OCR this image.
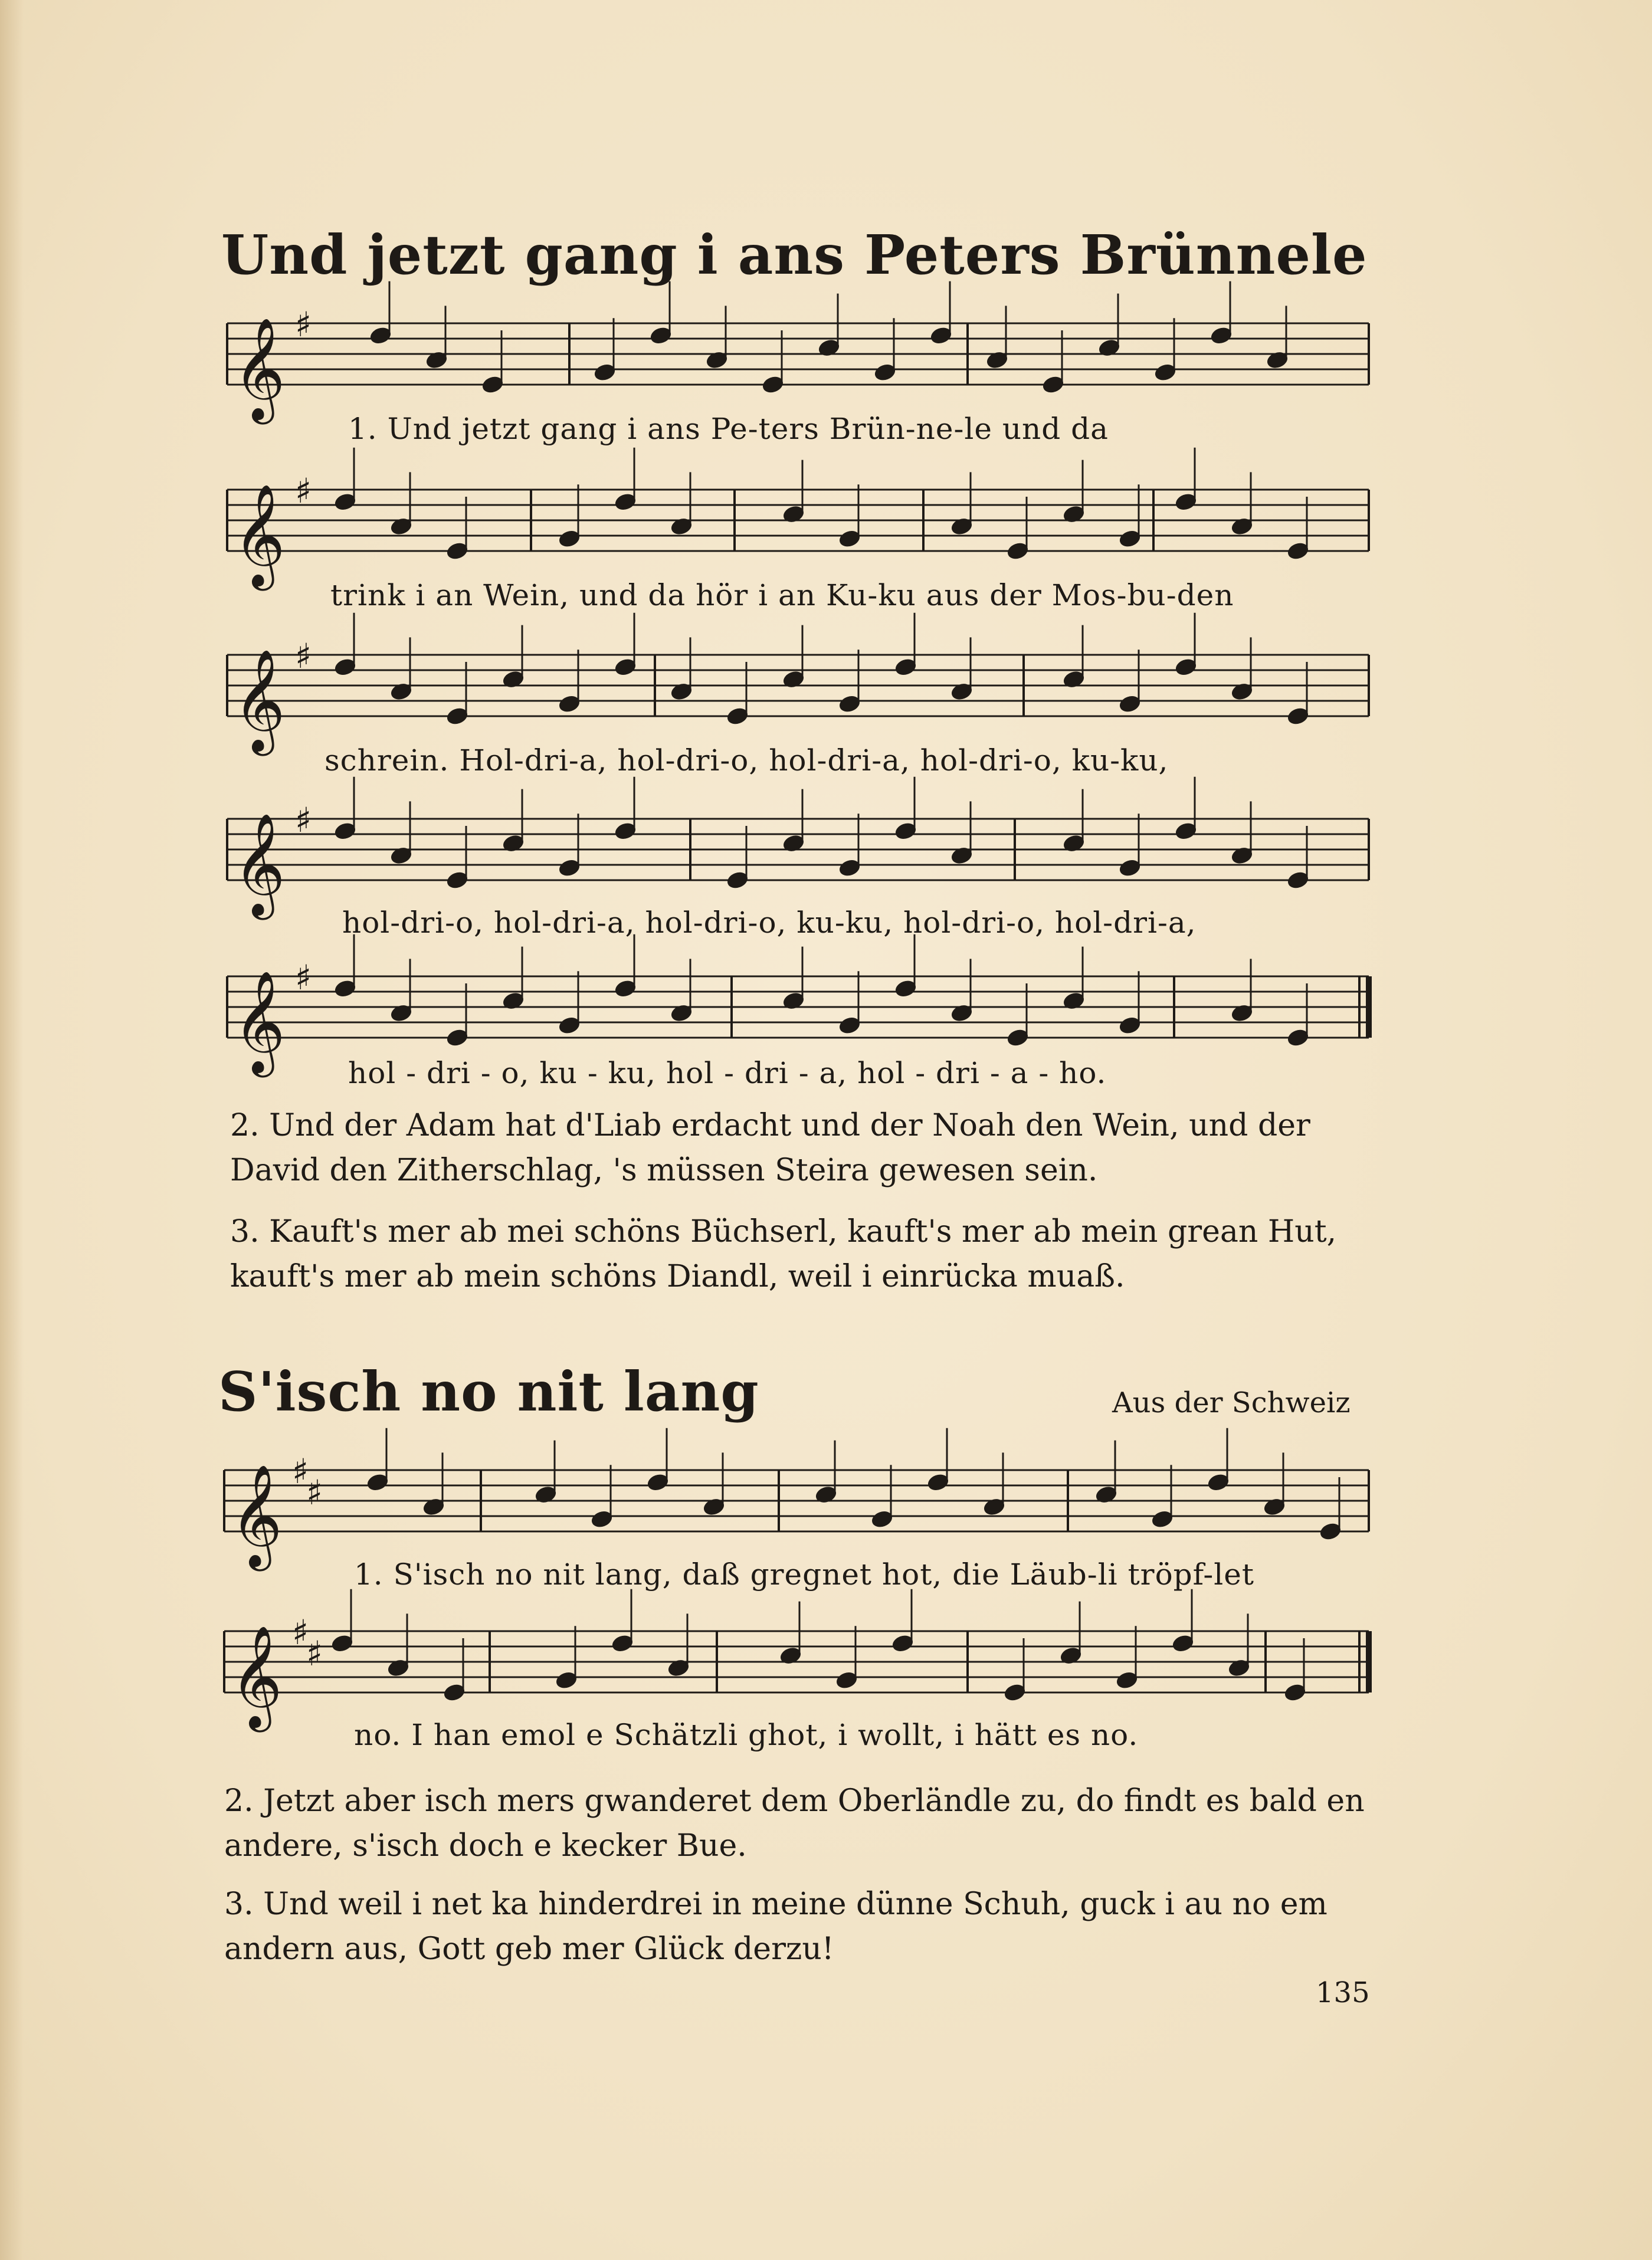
Und jetzt gang i ans Peters Brünnele
1. Und jetzt gang i ans Pe-ters Brün-ne-le und da
trink i an Wein, und da hör i an Ku-ku aus der Mos-bu-den
schrein. Hol-dri-a, hol-dri-o, hol-dri-a, hol-dri-o, ku-ku,
hol-dri-o, hol-dri-a, hol-dri-o, ku-ku, hol-dri-o, hol-dri-a,
hol - dri - o, ku - ku, hol - dri - a, hol - dri - a - ho.
2. Und der Adam hat d'Liab erdacht und der Noah den Wein, und der David den Zitherschlag, 's müssen Steira gewesen sein.
3. Kauft's mer ab mei schöns Büchserl, kauft's mer ab mein grean Hut, kauft's mer ab mein schöns Diandl, weil i einrücka muaß.
S'isch no nit lang	Aus der Schweiz
1. S'isch no nit lang, daß gregnet hot, die Läub-li tröpf-let
no. I han emol e Schätzli ghot, i wollt, i hätt es no.
2. Jetzt aber isch mers gwanderet dem Oberländle zu, do findt es bald en andere, s'isch doch e kecker Bue.
3. Und weil i net ka hinderdrei in meine dünne Schuh, guck i au no em andern aus, Gott geb mer Glück derzu!
135
𝄞 ♯
𝄞 ♯
𝄞 ♯
𝄞 ♯
𝄞 ♯
𝄞 ♯
♯
𝄞 ♯
♯
